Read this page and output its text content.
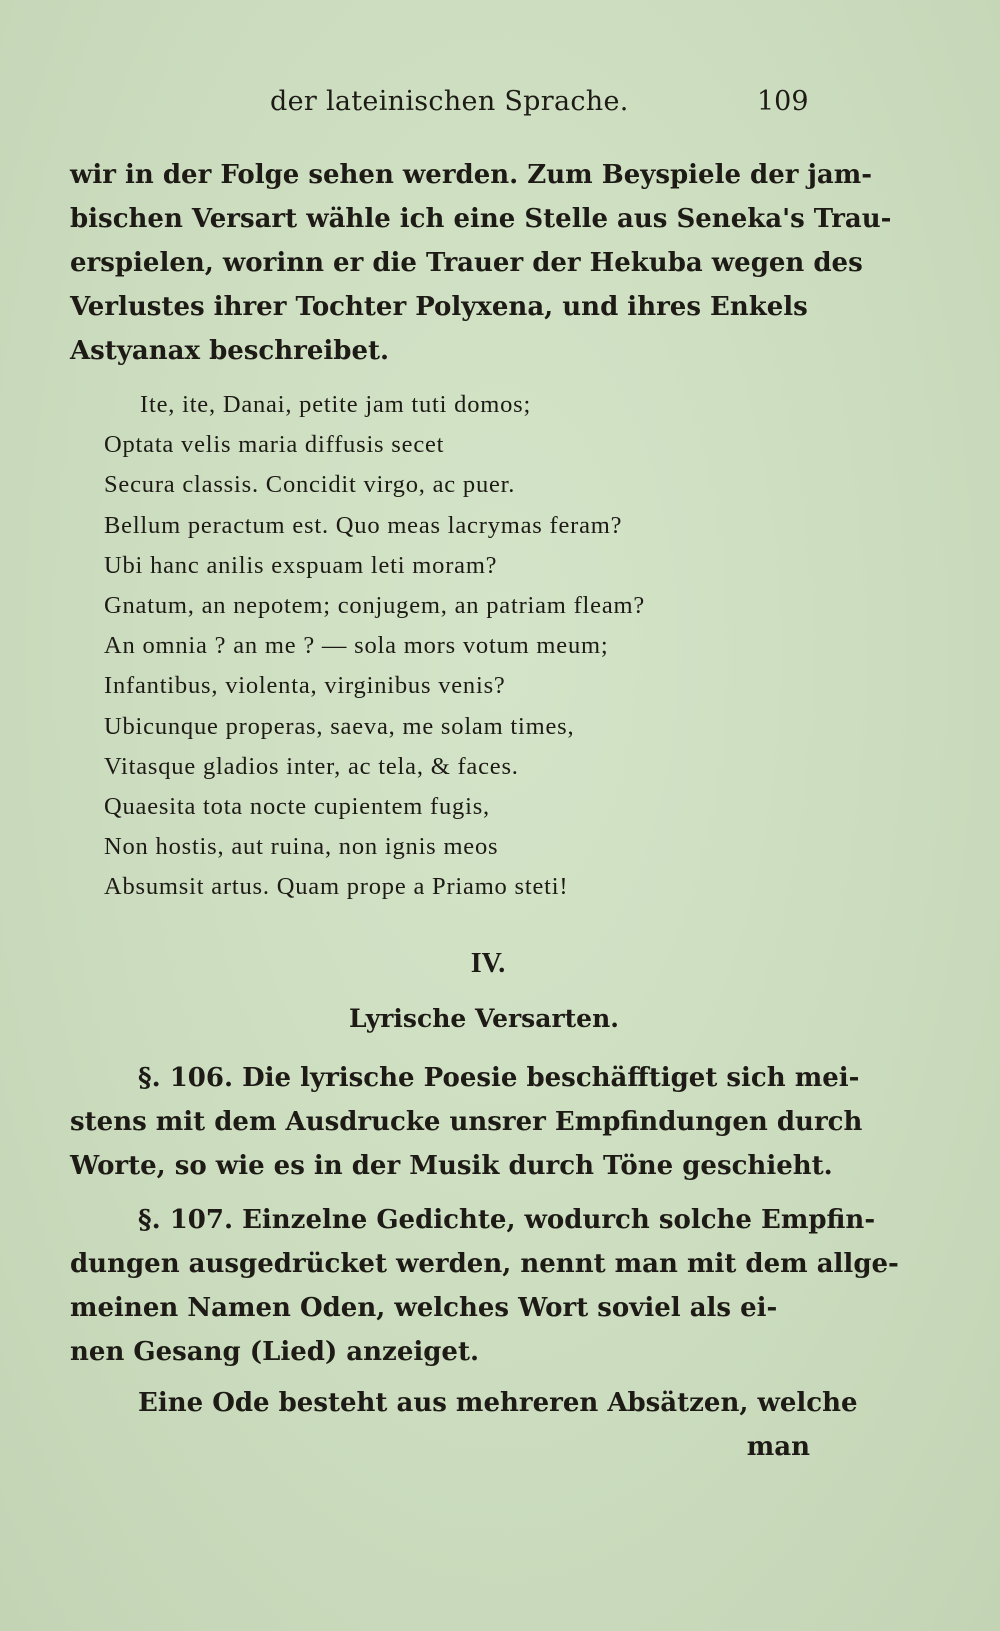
der lateinischen Sprache.	109
wir in der Folge sehen werden. Zum Beyspiele der jam-
bischen Versart wähle ich eine Stelle aus Seneka's Trau-
erspielen, worinn er die Trauer der Hekuba wegen des
Verlustes ihrer Tochter Polyxena, und ihres Enkels
Astyanax beschreibet.
Ite, ite, Danai, petite jam tuti domos;
Optata velis maria diffusis secet
Secura classis. Concidit virgo, ac puer.
Bellum peractum est. Quo meas lacrymas feram?
Ubi hanc anilis exspuam leti moram?
Gnatum, an nepotem; conjugem, an patriam fleam?
An omnia ? an me ? — sola mors votum meum;
Infantibus, violenta, virginibus venis?
Ubicunque properas, saeva, me solam times,
Vitasque gladios inter, ac tela, & faces.
Quaesita tota nocte cupientem fugis,
Non hostis, aut ruina, non ignis meos
Absumsit artus. Quam prope a Priamo steti!
IV.
Lyrische Versarten.
§. 106. Die lyrische Poesie beschäfftiget sich mei-
stens mit dem Ausdrucke unsrer Empfindungen durch
Worte, so wie es in der Musik durch Töne geschieht.
§. 107. Einzelne Gedichte, wodurch solche Empfin-
dungen ausgedrücket werden, nennt man mit dem allge-
meinen Namen Oden, welches Wort soviel als ei-
nen Gesang (Lied) anzeiget.
Eine Ode besteht aus mehreren Absätzen, welche
man
